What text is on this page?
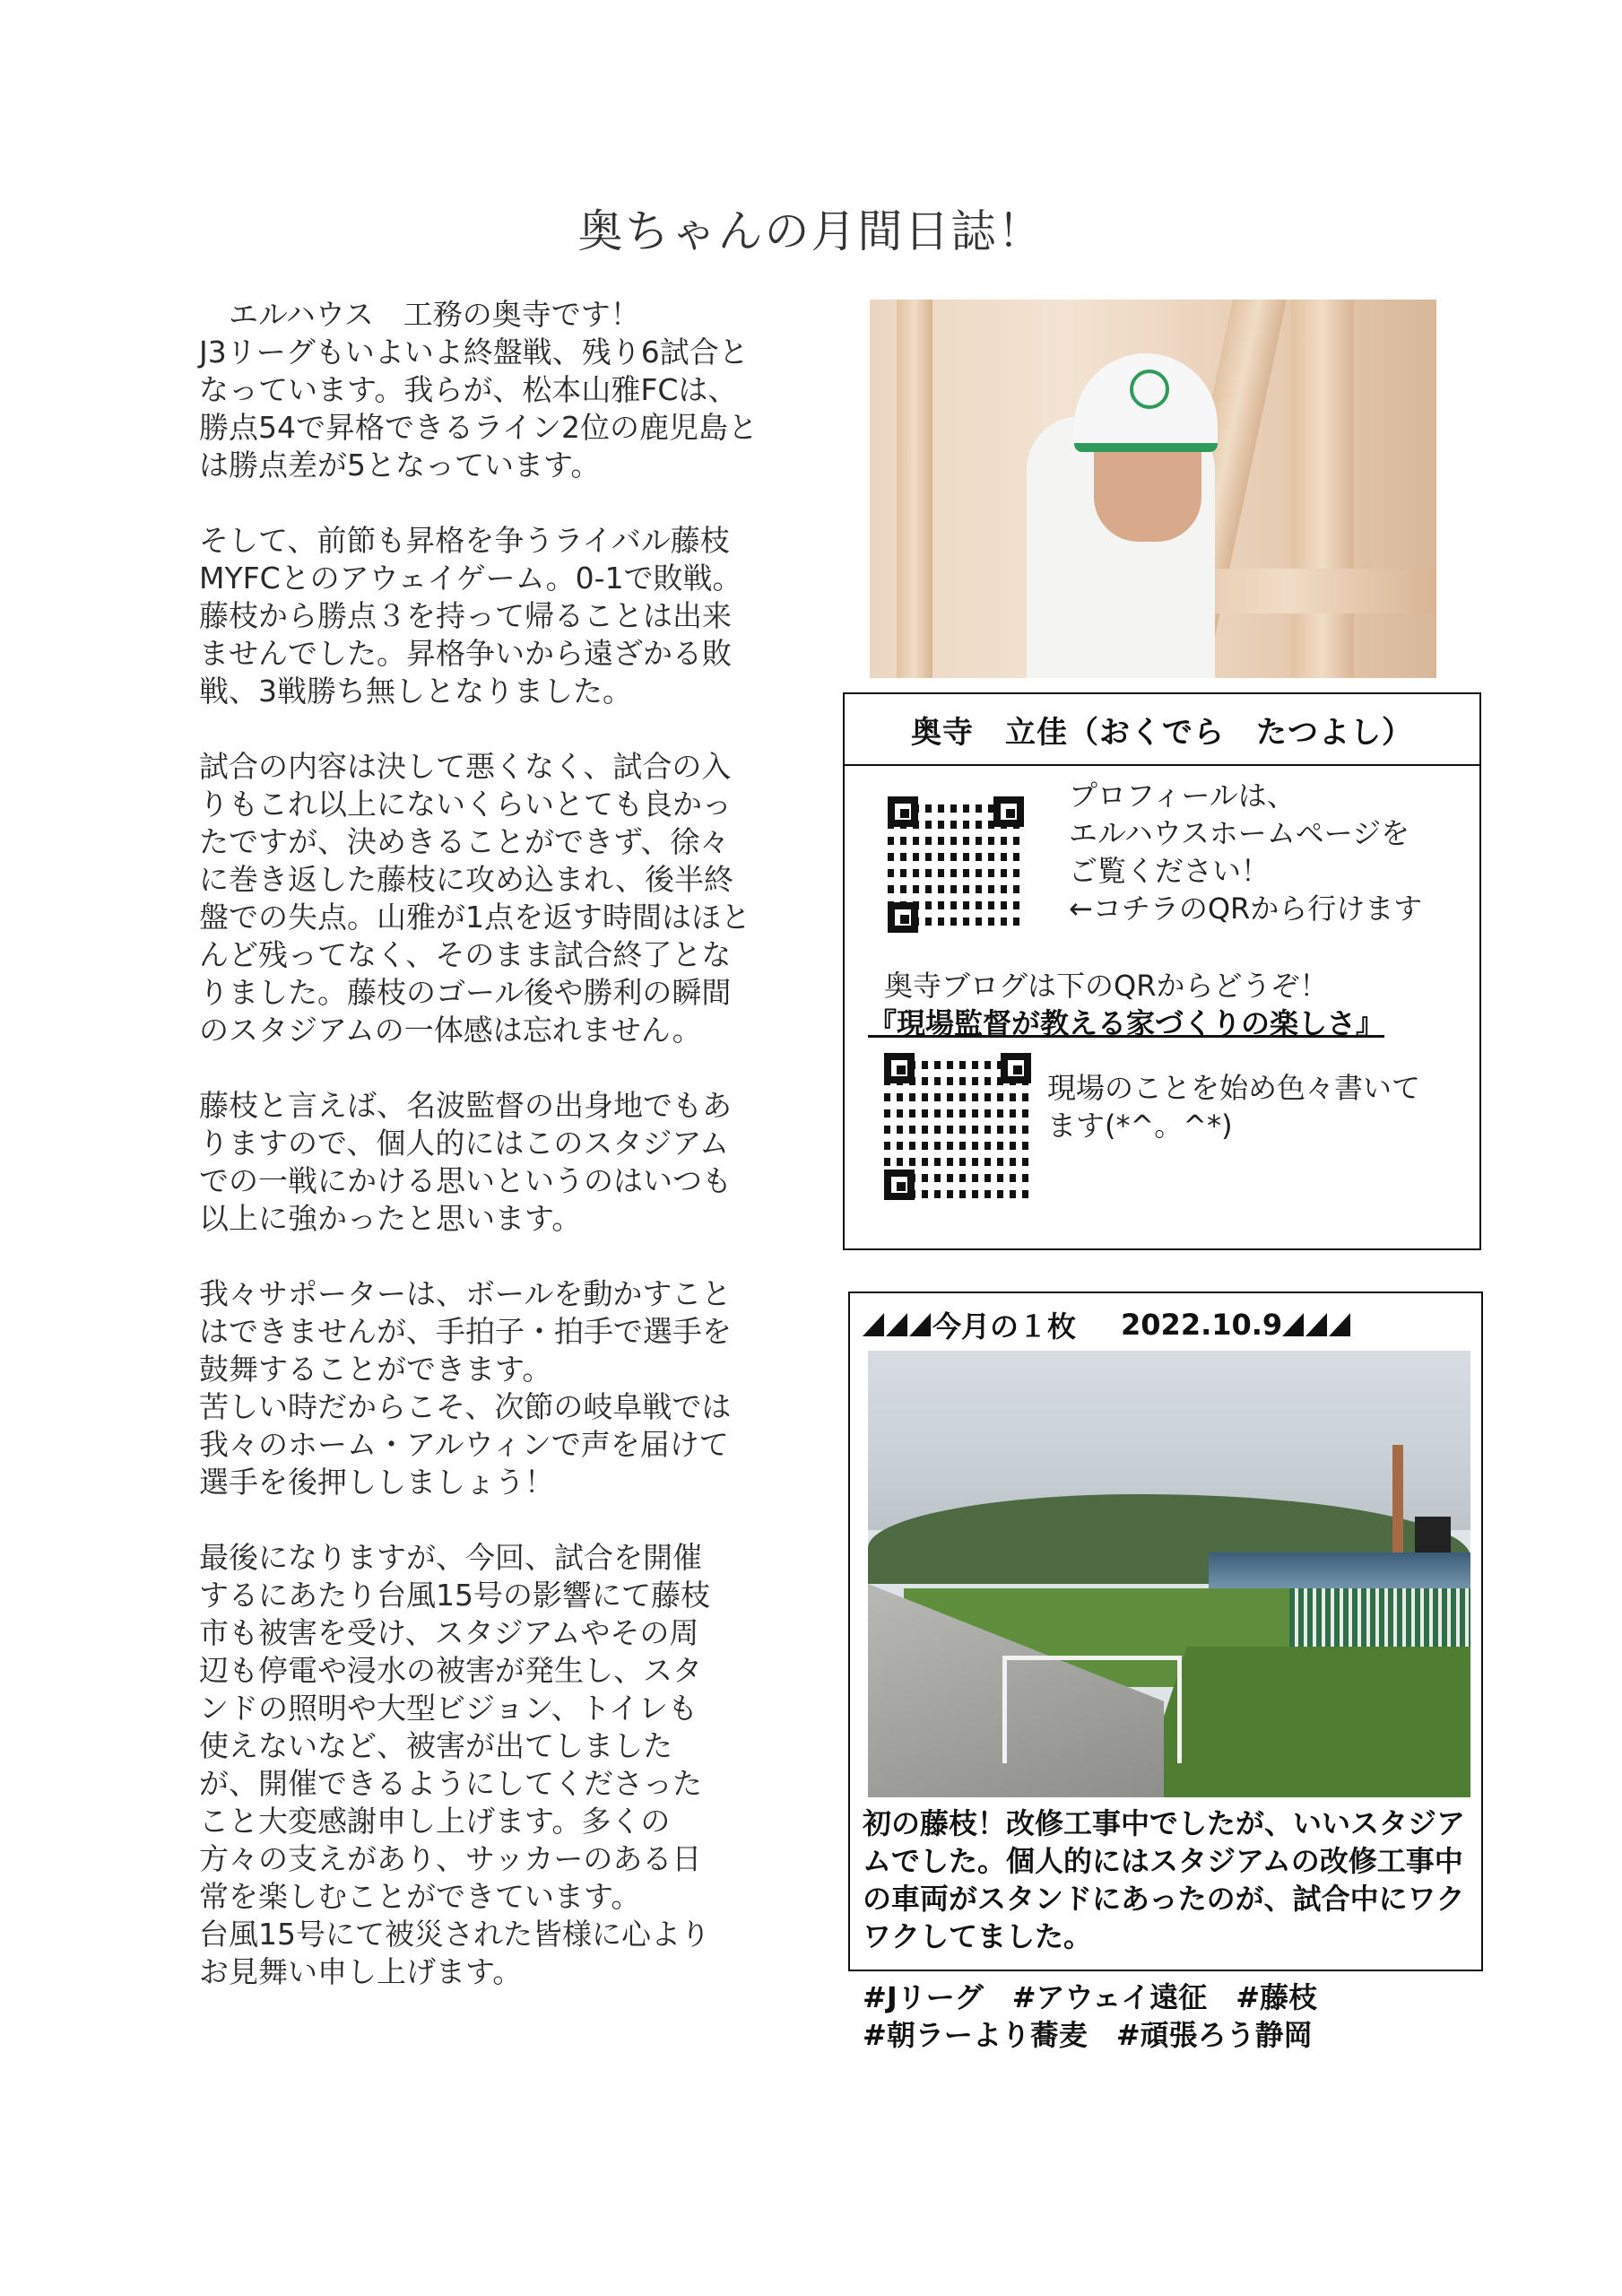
奥ちゃんの月間日誌！

　エルハウス　工務の奥寺です！
J3リーグもいよいよ終盤戦、残り6試合と
なっています。我らが、松本山雅FCは、
勝点54で昇格できるライン2位の鹿児島と
は勝点差が5となっています。

そして、前節も昇格を争うライバル藤枝
MYFCとのアウェイゲーム。0-1で敗戦。
藤枝から勝点３を持って帰ることは出来
ませんでした。昇格争いから遠ざかる敗
戦、3戦勝ち無しとなりました。

試合の内容は決して悪くなく、試合の入
りもこれ以上にないくらいとても良かっ
たですが、決めきることができず、徐々
に巻き返した藤枝に攻め込まれ、後半終
盤での失点。山雅が1点を返す時間はほと
んど残ってなく、そのまま試合終了とな
りました。藤枝のゴール後や勝利の瞬間
のスタジアムの一体感は忘れません。

藤枝と言えば、名波監督の出身地でもあ
りますので、個人的にはこのスタジアム
での一戦にかける思いというのはいつも
以上に強かったと思います。

我々サポーターは、ボールを動かすこと
はできませんが、手拍子・拍手で選手を
鼓舞することができます。
苦しい時だからこそ、次節の岐阜戦では
我々のホーム・アルウィンで声を届けて
選手を後押ししましょう！

最後になりますが、今回、試合を開催
するにあたり台風15号の影響にて藤枝
市も被害を受け、スタジアムやその周
辺も停電や浸水の被害が発生し、スタ
ンドの照明や大型ビジョン、トイレも
使えないなど、被害が出てしました
が、開催できるようにしてくださった
こと大変感謝申し上げます。多くの
方々の支えがあり、サッカーのある日
常を楽しむことができています。
台風15号にて被災された皆様に心より
お見舞い申し上げます。

奥寺　立佳（おくでら　たつよし）
プロフィールは、
エルハウスホームページを
ご覧ください！
←コチラのQRから行けます
奥寺ブログは下のQRからどうぞ！
『現場監督が教える家づくりの楽しさ』
現場のことを始め色々書いて
ます(*^。^*)
今月の１枚 2022.10.9
初の藤枝！改修工事中でしたが、いいスタジアムでした。個人的にはスタジアムの改修工事中の車両がスタンドにあったのが、試合中にワクワクしてました。
#Jリーグ　#アウェイ遠征　#藤枝
#朝ラーより蕎麦　#頑張ろう静岡
